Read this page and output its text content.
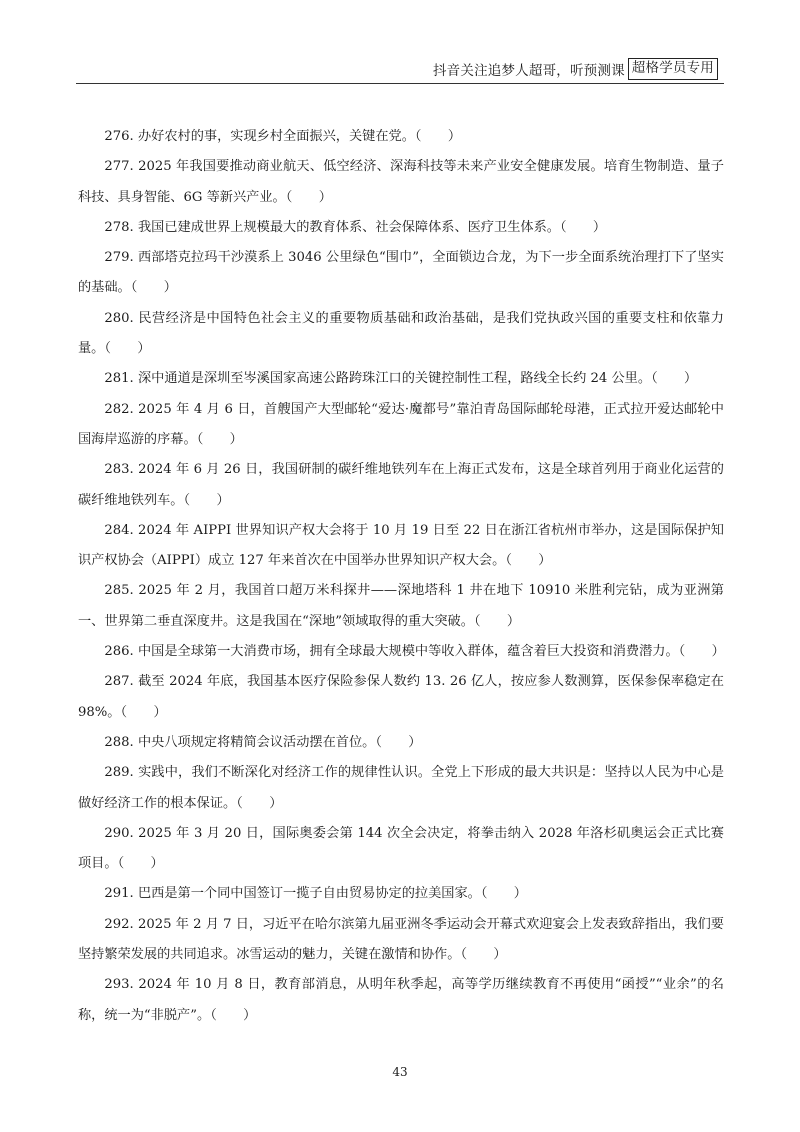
抖音关注追梦人超哥，听预测课 超格学员专用
276. 办好农村的事，实现乡村全面振兴，关键在党。（　　）
277. 2025 年我国要推动商业航天、低空经济、深海科技等未来产业安全健康发展。培育生物制造、量子科技、具身智能、6G 等新兴产业。（　　）
278. 我国已建成世界上规模最大的教育体系、社会保障体系、医疗卫生体系。（　　）
279. 西部塔克拉玛干沙漠系上 3046 公里绿色“围巾”，全面锁边合龙，为下一步全面系统治理打下了坚实的基础。（　　）
280. 民营经济是中国特色社会主义的重要物质基础和政治基础，是我们党执政兴国的重要支柱和依靠力量。（　　）
281. 深中通道是深圳至岑溪国家高速公路跨珠江口的关键控制性工程，路线全长约 24 公里。（　　）
282. 2025 年 4 月 6 日，首艘国产大型邮轮“爱达·魔都号”靠泊青岛国际邮轮母港，正式拉开爱达邮轮中国海岸巡游的序幕。（　　）
283. 2024 年 6 月 26 日，我国研制的碳纤维地铁列车在上海正式发布，这是全球首列用于商业化运营的碳纤维地铁列车。（　　）
284. 2024 年 AIPPI 世界知识产权大会将于 10 月 19 日至 22 日在浙江省杭州市举办，这是国际保护知识产权协会（AIPPI）成立 127 年来首次在中国举办世界知识产权大会。（　　）
285. 2025 年 2 月，我国首口超万米科探井——深地塔科 1 井在地下 10910 米胜利完钻，成为亚洲第一、世界第二垂直深度井。这是我国在“深地”领域取得的重大突破。（　　）
286. 中国是全球第一大消费市场，拥有全球最大规模中等收入群体，蕴含着巨大投资和消费潜力。（　　）
287. 截至 2024 年底，我国基本医疗保险参保人数约 13. 26 亿人，按应参人数测算，医保参保率稳定在 98%。（　　）
288. 中央八项规定将精简会议活动摆在首位。（　　）
289. 实践中，我们不断深化对经济工作的规律性认识。全党上下形成的最大共识是：坚持以人民为中心是做好经济工作的根本保证。（　　）
290. 2025 年 3 月 20 日，国际奥委会第 144 次全会决定，将拳击纳入 2028 年洛杉矶奥运会正式比赛项目。（　　）
291. 巴西是第一个同中国签订一揽子自由贸易协定的拉美国家。（　　）
292. 2025 年 2 月 7 日，习近平在哈尔滨第九届亚洲冬季运动会开幕式欢迎宴会上发表致辞指出，我们要坚持繁荣发展的共同追求。冰雪运动的魅力，关键在激情和协作。（　　）
293. 2024 年 10 月 8 日，教育部消息，从明年秋季起，高等学历继续教育不再使用“函授”“业余”的名称，统一为“非脱产”。（　　）
43
